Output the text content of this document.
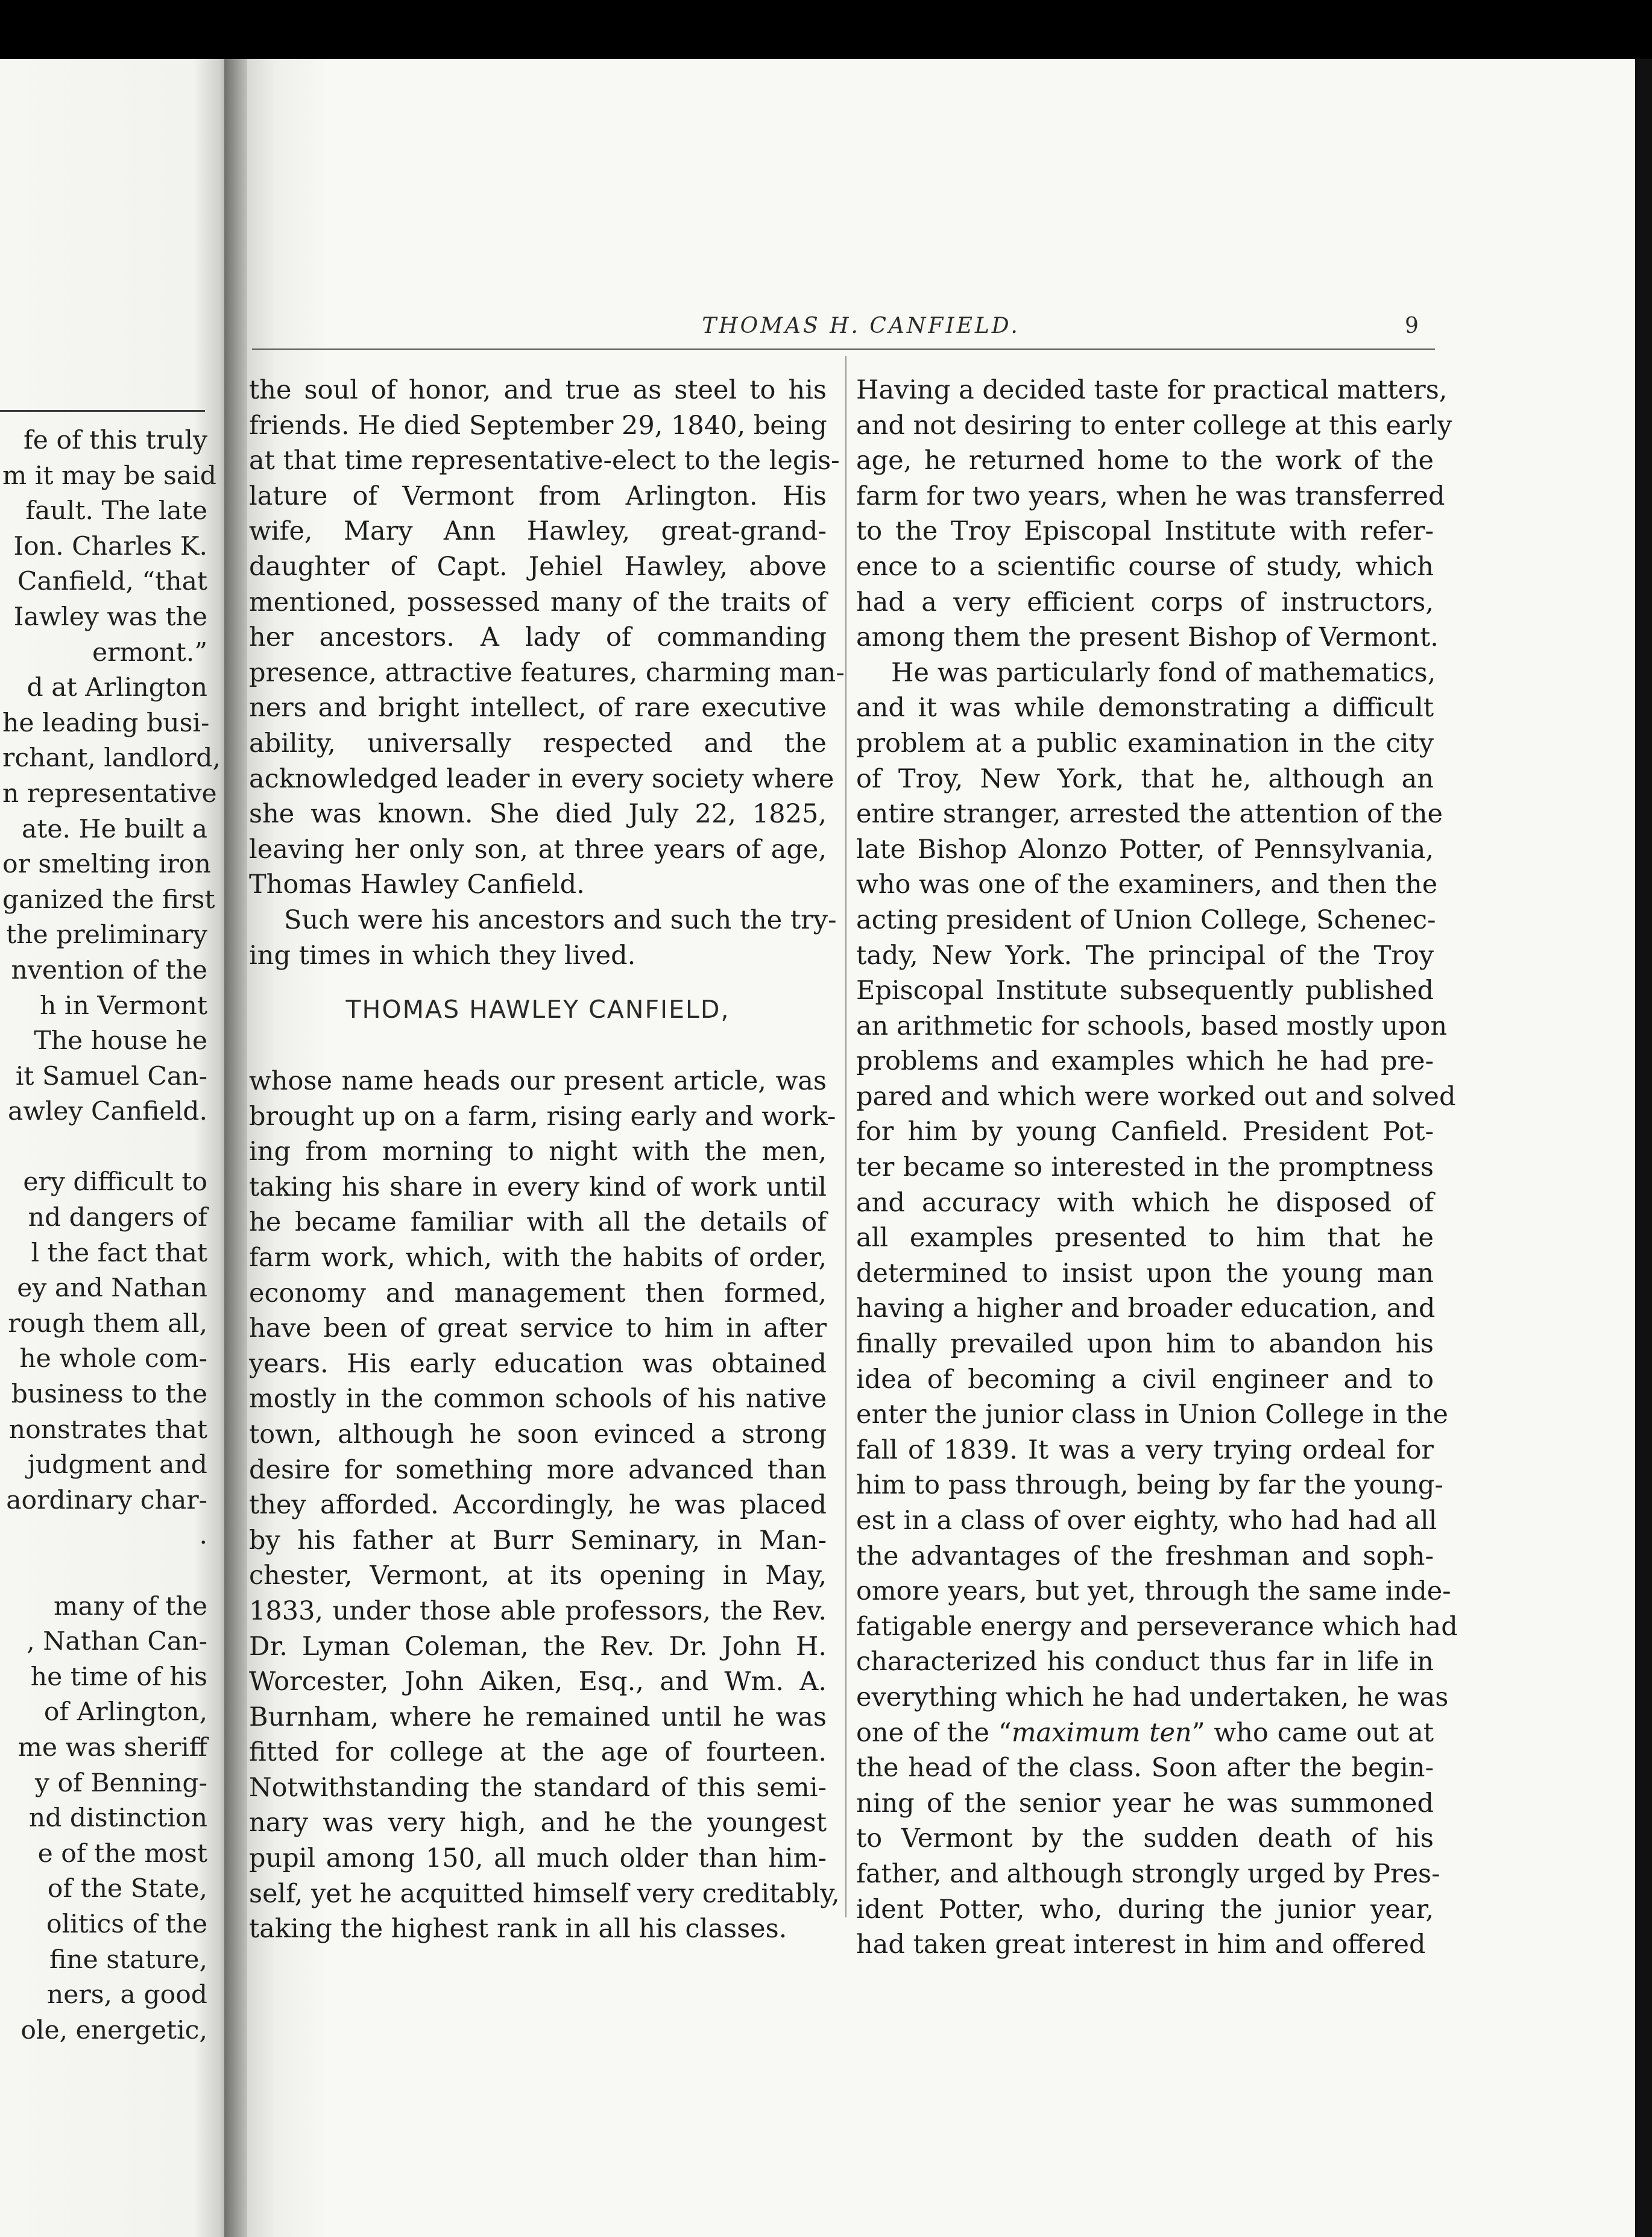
fe of this truly
m it may be said
fault. The late
Ion. Charles K.
Canfield, “that
Iawley was the
ermont.”
d at Arlington
he leading busi-
rchant, landlord,
n representative
ate. He built a
or smelting iron
ganized the first
the preliminary
nvention of the
h in Vermont
The house he
it Samuel Can-
awley Canfield.
ery difficult to
nd dangers of
l the fact that
ey and Nathan
rough them all,
he whole com-
business to the
nonstrates that
judgment and
aordinary char-
.
many of the
, Nathan Can-
he time of his
of Arlington,
me was sheriff
y of Benning-
nd distinction
e of the most
of the State,
olitics of the
fine stature,
ners, a good
ole, energetic,
THOMAS H. CANFIELD.	9
the soul of honor, and true as steel to his
friends. He died September 29, 1840, being
at that time representative-elect to the legis-
lature of Vermont from Arlington. His
wife, Mary Ann Hawley, great-grand-
daughter of Capt. Jehiel Hawley, above
mentioned, possessed many of the traits of
her ancestors. A lady of commanding
presence, attractive features, charming man-
ners and bright intellect, of rare executive
ability, universally respected and the
acknowledged leader in every society where
she was known. She died July 22, 1825,
leaving her only son, at three years of age,
Thomas Hawley Canfield.
Such were his ancestors and such the try-
ing times in which they lived.
THOMAS HAWLEY CANFIELD,
whose name heads our present article, was
brought up on a farm, rising early and work-
ing from morning to night with the men,
taking his share in every kind of work until
he became familiar with all the details of
farm work, which, with the habits of order,
economy and management then formed,
have been of great service to him in after
years. His early education was obtained
mostly in the common schools of his native
town, although he soon evinced a strong
desire for something more advanced than
they afforded. Accordingly, he was placed
by his father at Burr Seminary, in Man-
chester, Vermont, at its opening in May,
1833, under those able professors, the Rev.
Dr. Lyman Coleman, the Rev. Dr. John H.
Worcester, John Aiken, Esq., and Wm. A.
Burnham, where he remained until he was
fitted for college at the age of fourteen.
Notwithstanding the standard of this semi-
nary was very high, and he the youngest
pupil among 150, all much older than him-
self, yet he acquitted himself very creditably,
taking the highest rank in all his classes.
Having a decided taste for practical matters,
and not desiring to enter college at this early
age, he returned home to the work of the
farm for two years, when he was transferred
to the Troy Episcopal Institute with refer-
ence to a scientific course of study, which
had a very efficient corps of instructors,
among them the present Bishop of Vermont.
He was particularly fond of mathematics,
and it was while demonstrating a difficult
problem at a public examination in the city
of Troy, New York, that he, although an
entire stranger, arrested the attention of the
late Bishop Alonzo Potter, of Pennsylvania,
who was one of the examiners, and then the
acting president of Union College, Schenec-
tady, New York. The principal of the Troy
Episcopal Institute subsequently published
an arithmetic for schools, based mostly upon
problems and examples which he had pre-
pared and which were worked out and solved
for him by young Canfield. President Pot-
ter became so interested in the promptness
and accuracy with which he disposed of
all examples presented to him that he
determined to insist upon the young man
having a higher and broader education, and
finally prevailed upon him to abandon his
idea of becoming a civil engineer and to
enter the junior class in Union College in the
fall of 1839. It was a very trying ordeal for
him to pass through, being by far the young-
est in a class of over eighty, who had had all
the advantages of the freshman and soph-
omore years, but yet, through the same inde-
fatigable energy and perseverance which had
characterized his conduct thus far in life in
everything which he had undertaken, he was
one of the “maximum ten” who came out at
the head of the class. Soon after the begin-
ning of the senior year he was summoned
to Vermont by the sudden death of his
father, and although strongly urged by Pres-
ident Potter, who, during the junior year,
had taken great interest in him and offered
